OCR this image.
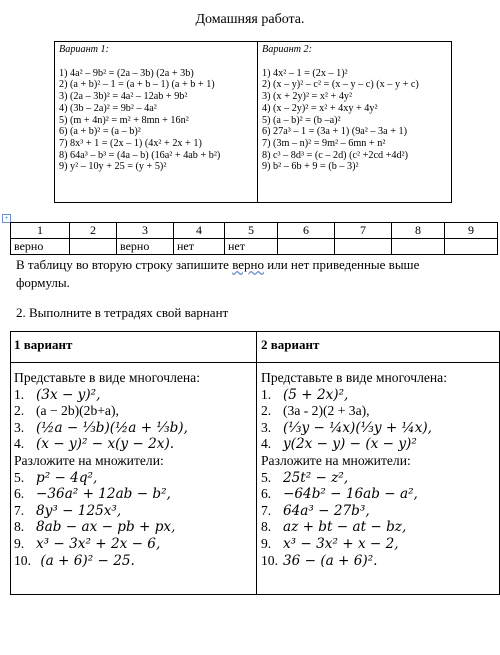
Домашняя работа.
Вариант 1:
1) 4a² – 9b² = (2a – 3b) (2a + 3b)
2) (a + b)² – 1 = (a + b – 1) (a + b + 1)
3) (2a – 3b)² = 4a² – 12ab + 9b²
4) (3b – 2a)² = 9b² – 4a²
5) (m + 4n)² = m² + 8mn + 16n²
6) (a + b)² = (a – b)²
7) 8x³ + 1 = (2x – 1) (4x² + 2x + 1)
8) 64a³ – b³ = (4a – b) (16a² + 4ab + b²)
9) y² – 10y + 25 = (y + 5)²
Вариант 2:
1) 4x² – 1 = (2x – 1)²
2) (x – y)² – c² = (x – y – c) (x – y + c)
3) (x + 2y)² = x² + 4y²
4) (x – 2y)² = x² + 4xy + 4y²
5) (a – b)² = (b –a)²
6) 27a³ – 1 = (3a + 1) (9a² – 3a + 1)
7) (3m – n)² = 9m² – 6mn + n²
8) c³ – 8d³ = (c – 2d) (c² +2cd +4d²)
9) b² – 6b + 9 = (b – 3)²
+
1	2	3	4	5	6	7	8	9
верно		верно	нет	нет				
В таблицу во вторую строку запишите верно или нет приведенные выше формулы.
2. Выполните в тетрадях свой варнант
1 вариант	2 вариант
Представьте в виде многочлена:
1. (3x − y)²,
2. (a − 2b)(2b+a),
3. (½a − ⅓b)(½a + ⅓b),
4. (x − y)² − x(y − 2x).
Разложите на множители:
5. p² − 4q²,
6. −36a² + 12ab − b²,
7. 8y³ − 125x³,
8. 8ab − ax − pb + px,
9. x³ − 3x² + 2x − 6,
10. (a + 6)² − 25.
Представьте в виде многочлена:
1. (5 + 2x)²,
2. (3a - 2)(2 + 3a),
3. (⅓y − ¼x)(⅓y + ¼x),
4. y(2x − y) − (x − y)²
Разложите на множители:
5. 25t² − z²,
6. −64b² − 16ab − a²,
7. 64a³ − 27b³,
8. az + bt − at − bz,
9. x³ − 3x² + x − 2,
10. 36 − (a + 6)².
